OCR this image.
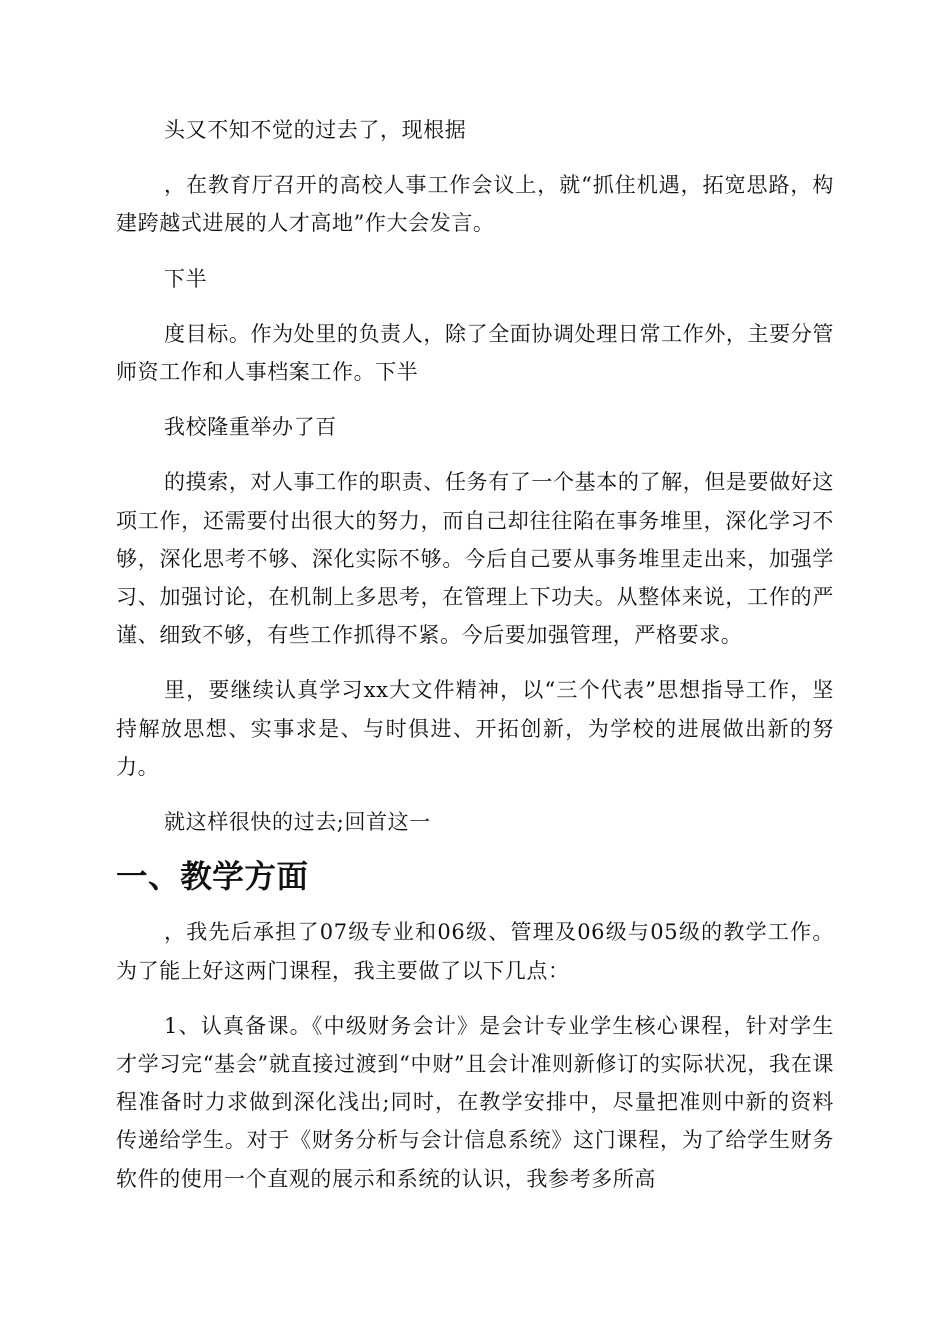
头又不知不觉的过去了，现根据

，在教育厅召开的高校人事工作会议上，就“抓住机遇，拓宽思路，构建跨越式进展的人才高地”作大会发言。

下半

度目标。作为处里的负责人，除了全面协调处理日常工作外，主要分管师资工作和人事档案工作。下半

我校隆重举办了百

的摸索，对人事工作的职责、任务有了一个基本的了解，但是要做好这项工作，还需要付出很大的努力，而自己却往往陷在事务堆里，深化学习不够，深化思考不够、深化实际不够。今后自己要从事务堆里走出来，加强学习、加强讨论，在机制上多思考，在管理上下功夫。从整体来说，工作的严谨、细致不够，有些工作抓得不紧。今后要加强管理，严格要求。

里，要继续认真学习xx大文件精神，以“三个代表”思想指导工作，坚持解放思想、实事求是、与时俱进、开拓创新，为学校的进展做出新的努力。

就这样很快的过去;回首这一

一、教学方面

，我先后承担了07级专业和06级、管理及06级与05级的教学工作。为了能上好这两门课程，我主要做了以下几点：

1、认真备课。《中级财务会计》是会计专业学生核心课程，针对学生才学习完“基会”就直接过渡到“中财”且会计准则新修订的实际状况，我在课程准备时力求做到深化浅出;同时，在教学安排中，尽量把准则中新的资料传递给学生。对于《财务分析与会计信息系统》这门课程，为了给学生财务软件的使用一个直观的展示和系统的认识，我参考多所高
